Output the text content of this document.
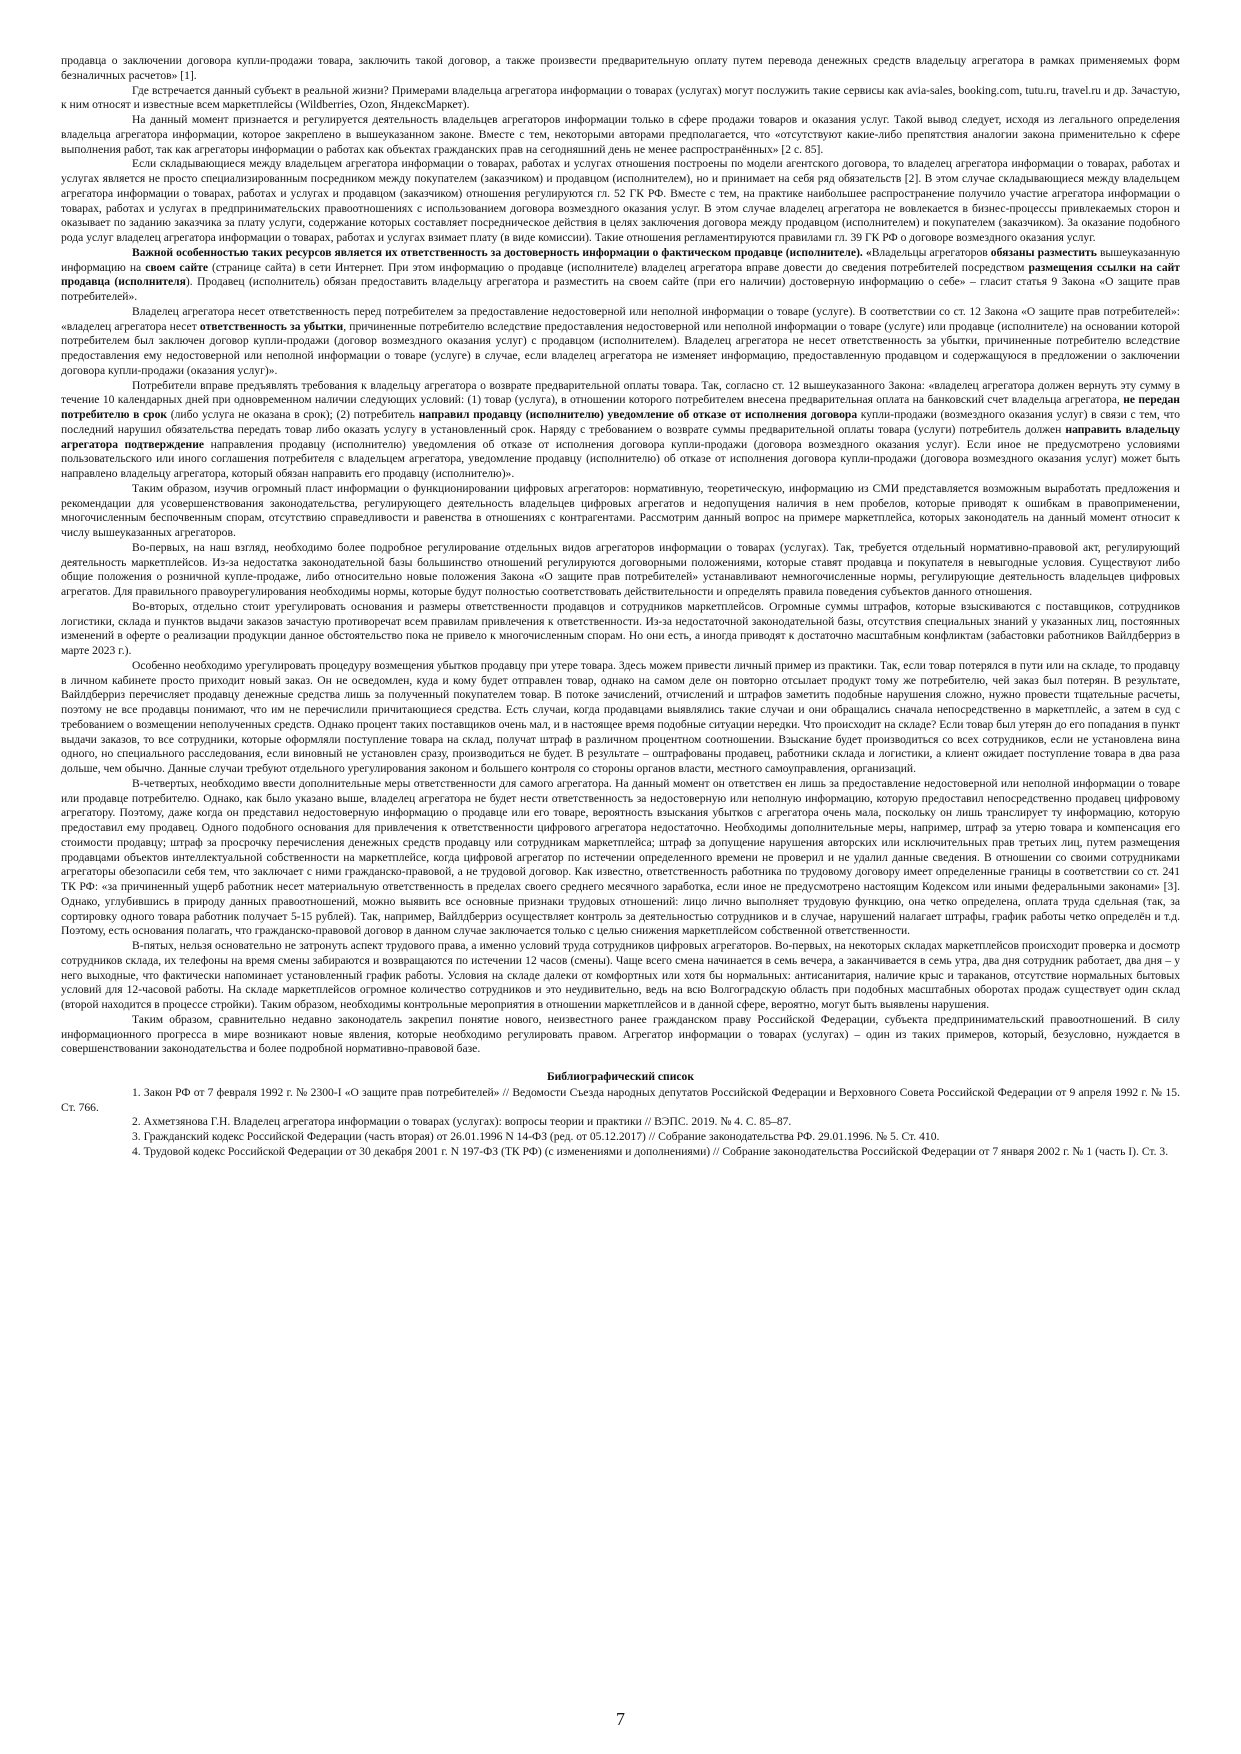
продавца о заключении договора купли-продажи товара, заключить такой договор, а также произвести предварительную оплату путем перевода денежных средств владельцу агрегатора в рамках применяемых форм безналичных расчетов» [1].

Где встречается данный субъект в реальной жизни? Примерами владельца агрегатора информации о товарах (услугах) могут послужить такие сервисы как avia-sales, booking.com, tutu.ru, travel.ru и др. Зачастую, к ним относят и известные всем маркетплейсы (Wildberries, Ozon, ЯндексМаркет).

На данный момент признается и регулируется деятельность владельцев агрегаторов информации только в сфере продажи товаров и оказания услуг. Такой вывод следует, исходя из легального определения владельца агрегатора информации, которое закреплено в вышеуказанном законе. Вместе с тем, некоторыми авторами предполагается, что «отсутствуют какие-либо препятствия аналогии закона применительно к сфере выполнения работ, так как агрегаторы информации о работах как объектах гражданских прав на сегодняшний день не менее распространённых» [2 с. 85].

Если складывающиеся между владельцем агрегатора информации о товарах, работах и услугах отношения построены по модели агентского договора, то владелец агрегатора информации о товарах, работах и услугах является не просто специализированным посредником между покупателем (заказчиком) и продавцом (исполнителем), но и принимает на себя ряд обязательств [2]. В этом случае складывающиеся между владельцем агрегатора информации о товарах, работах и услугах и продавцом (заказчиком) отношения регулируются гл. 52 ГК РФ. Вместе с тем, на практике наибольшее распространение получило участие агрегатора информации о товарах, работах и услугах в предпринимательских правоотношениях с использованием договора возмездного оказания услуг. В этом случае владелец агрегатора не вовлекается в бизнес-процессы привлекаемых сторон и оказывает по заданию заказчика за плату услуги, содержание которых составляет посредническое действия в целях заключения договора между продавцом (исполнителем) и покупателем (заказчиком). За оказание подобного рода услуг владелец агрегатора информации о товарах, работах и услугах взимает плату (в виде комиссии). Такие отношения регламентируются правилами гл. 39 ГК РФ о договоре возмездного оказания услуг.

Важной особенностью таких ресурсов является их ответственность за достоверность информации о фактическом продавце (исполнителе). «Владельцы агрегаторов обязаны разместить вышеуказанную информацию на своем сайте (странице сайта) в сети Интернет. При этом информацию о продавце (исполнителе) владелец агрегатора вправе довести до сведения потребителей посредством размещения ссылки на сайт продавца (исполнителя). Продавец (исполнитель) обязан предоставить владельцу агрегатора и разместить на своем сайте (при его наличии) достоверную информацию о себе» – гласит статья 9 Закона «О защите прав потребителей».

Владелец агрегатора несет ответственность перед потребителем за предоставление недостоверной или неполной информации о товаре (услуге). В соответствии со ст. 12 Закона «О защите прав потребителей»: «владелец агрегатора несет ответственность за убытки, причиненные потребителю вследствие предоставления недостоверной или неполной информации о товаре (услуге) или продавце (исполнителе) на основании которой потребителем был заключен договор купли-продажи (договор возмездного оказания услуг) с продавцом (исполнителем). Владелец агрегатора не несет ответственность за убытки, причиненные потребителю вследствие предоставления ему недостоверной или неполной информации о товаре (услуге) в случае, если владелец агрегатора не изменяет информацию, предоставленную продавцом и содержащуюся в предложении о заключении договора купли-продажи (оказания услуг)».

Потребители вправе предъявлять требования к владельцу агрегатора о возврате предварительной оплаты товара. Так, согласно ст. 12 вышеуказанного Закона: «владелец агрегатора должен вернуть эту сумму в течение 10 календарных дней при одновременном наличии следующих условий: (1) товар (услуга), в отношении которого потребителем внесена предварительная оплата на банковский счет владельца агрегатора, не передан потребителю в срок (либо услуга не оказана в срок); (2) потребитель направил продавцу (исполнителю) уведомление об отказе от исполнения договора купли-продажи (возмездного оказания услуг) в связи с тем, что последний нарушил обязательства передать товар либо оказать услугу в установленный срок. Наряду с требованием о возврате суммы предварительной оплаты товара (услуги) потребитель должен направить владельцу агрегатора подтверждение направления продавцу (исполнителю) уведомления об отказе от исполнения договора купли-продажи (договора возмездного оказания услуг). Если иное не предусмотрено условиями пользовательского или иного соглашения потребителя с владельцем агрегатора, уведомление продавцу (исполнителю) об отказе от исполнения договора купли-продажи (договора возмездного оказания услуг) может быть направлено владельцу агрегатора, который обязан направить его продавцу (исполнителю)».

Таким образом, изучив огромный пласт информации о функционировании цифровых агрегаторов: нормативную, теоретическую, информацию из СМИ представляется возможным выработать предложения и рекомендации для усовершенствования законодательства, регулирующего деятельность владельцев цифровых агрегатов и недопущения наличия в нем пробелов, которые приводят к ошибкам в правоприменении, многочисленным беспочвенным спорам, отсутствию справедливости и равенства в отношениях с контрагентами. Рассмотрим данный вопрос на примере маркетплейса, которых законодатель на данный момент относит к числу вышеуказанных агрегаторов.

Во-первых, на наш взгляд, необходимо более подробное регулирование отдельных видов агрегаторов информации о товарах (услугах). Так, требуется отдельный нормативно-правовой акт, регулирующий деятельность маркетплейсов. Из-за недостатка законодательной базы большинство отношений регулируются договорными положениями, которые ставят продавца и покупателя в невыгодные условия. Существуют либо общие положения о розничной купле-продаже, либо относительно новые положения Закона «О защите прав потребителей» устанавливают немногочисленные нормы, регулирующие деятельность владельцев цифровых агрегатов. Для правильного правоурегулирования необходимы нормы, которые будут полностью соответствовать действительности и определять правила поведения субъектов данного отношения.

Во-вторых, отдельно стоит урегулировать основания и размеры ответственности продавцов и сотрудников маркетплейсов. Огромные суммы штрафов, которые взыскиваются с поставщиков, сотрудников логистики, склада и пунктов выдачи заказов зачастую противоречат всем правилам привлечения к ответственности. Из-за недостаточной законодательной базы, отсутствия специальных знаний у указанных лиц, постоянных изменений в оферте о реализации продукции данное обстоятельство пока не привело к многочисленным спорам. Но они есть, а иногда приводят к достаточно масштабным конфликтам (забастовки работников Вайлдберриз в марте 2023 г.).

Особенно необходимо урегулировать процедуру возмещения убытков продавцу при утере товара. Здесь можем привести личный пример из практики. Так, если товар потерялся в пути или на складе, то продавцу в личном кабинете просто приходит новый заказ. Он не осведомлен, куда и кому будет отправлен товар, однако на самом деле он повторно отсылает продукт тому же потребителю, чей заказ был потерян. В результате, Вайлдберриз перечисляет продавцу денежные средства лишь за полученный покупателем товар. В потоке зачислений, отчислений и штрафов заметить подобные нарушения сложно, нужно провести тщательные расчеты, поэтому не все продавцы понимают, что им не перечислили причитающиеся средства. Есть случаи, когда продавцами выявлялись такие случаи и они обращались сначала непосредственно в маркетплейс, а затем в суд с требованием о возмещении неполученных средств. Однако процент таких поставщиков очень мал, и в настоящее время подобные ситуации нередки. Что происходит на складе? Если товар был утерян до его попадания в пункт выдачи заказов, то все сотрудники, которые оформляли поступление товара на склад, получат штраф в различном процентном соотношении. Взыскание будет производиться со всех сотрудников, если не установлена вина одного, но специального расследования, если виновный не установлен сразу, производиться не будет. В результате – оштрафованы продавец, работники склада и логистики, а клиент ожидает поступление товара в два раза дольше, чем обычно. Данные случаи требуют отдельного урегулирования законом и большего контроля со стороны органов власти, местного самоуправления, организаций.

В-четвертых, необходимо ввести дополнительные меры ответственности для самого агрегатора. На данный момент он ответствен ен лишь за предоставление недостоверной или неполной информации о товаре или продавце потребителю. Однако, как было указано выше, владелец агрегатора не будет нести ответственность за недостоверную или неполную информацию, которую предоставил непосредственно продавец цифровому агрегатору. Поэтому, даже когда он представил недостоверную информацию о продавце или его товаре, вероятность взыскания убытков с агрегатора очень мала, поскольку он лишь транслирует ту информацию, которую предоставил ему продавец. Одного подобного основания для привлечения к ответственности цифрового агрегатора недостаточно. Необходимы дополнительные меры, например, штраф за утерю товара и компенсация его стоимости продавцу; штраф за просрочку перечисления денежных средств продавцу или сотрудникам маркетплейса; штраф за допущение нарушения авторских или исключительных прав третьих лиц, путем размещения продавцами объектов интеллектуальной собственности на маркетплейсе, когда цифровой агрегатор по истечении определенного времени не проверил и не удалил данные сведения. В отношении со своими сотрудниками агрегаторы обезопасили себя тем, что заключает с ними гражданско-правовой, а не трудовой договор. Как известно, ответственность работника по трудовому договору имеет определенные границы в соответствии со ст. 241 ТК РФ: «за причиненный ущерб работник несет материальную ответственность в пределах своего среднего месячного заработка, если иное не предусмотрено настоящим Кодексом или иными федеральными законами» [3]. Однако, углубившись в природу данных правоотношений, можно выявить все основные признаки трудовых отношений: лицо лично выполняет трудовую функцию, она четко определена, оплата труда сдельная (так, за сортировку одного товара работник получает 5-15 рублей). Так, например, Вайлдберриз осуществляет контроль за деятельностью сотрудников и в случае, нарушений налагает штрафы, график работы четко определён и т.д. Поэтому, есть основания полагать, что гражданско-правовой договор в данном случае заключается только с целью снижения маркетплейсом собственной ответственности.

В-пятых, нельзя основательно не затронуть аспект трудового права, а именно условий труда сотрудников цифровых агрегаторов. Во-первых, на некоторых складах маркетплейсов происходит проверка и досмотр сотрудников склада, их телефоны на время смены забираются и возвращаются по истечении 12 часов (смены). Чаще всего смена начинается в семь вечера, а заканчивается в семь утра, два дня сотрудник работает, два дня – у него выходные, что фактически напоминает установленный график работы. Условия на складе далеки от комфортных или хотя бы нормальных: антисанитария, наличие крыс и тараканов, отсутствие нормальных бытовых условий для 12-часовой работы. На складе маркетплейсов огромное количество сотрудников и это неудивительно, ведь на всю Волгоградскую область при подобных масштабных оборотах продаж существует один склад (второй находится в процессе стройки). Таким образом, необходимы контрольные мероприятия в отношении маркетплейсов и в данной сфере, вероятно, могут быть выявлены нарушения.

Таким образом, сравнительно недавно законодатель закрепил понятие нового, неизвестного ранее гражданском праву Российской Федерации, субъекта предпринимательский правоотношений. В силу информационного прогресса в мире возникают новые явления, которые необходимо регулировать правом. Агрегатор информации о товарах (услугах) – один из таких примеров, который, безусловно, нуждается в совершенствовании законодательства и более подробной нормативно-правовой базе.

Библиографический список

1. Закон РФ от 7 февраля 1992 г. № 2300-I «О защите прав потребителей» // Ведомости Съезда народных депутатов Российской Федерации и Верховного Совета Российской Федерации от 9 апреля 1992 г. № 15. Ст. 766.

2. Ахметзянова Г.Н. Владелец агрегатора информации о товарах (услугах): вопросы теории и практики // ВЭПС. 2019. № 4. С. 85–87.

3. Гражданский кодекс Российской Федерации (часть вторая) от 26.01.1996 N 14-ФЗ (ред. от 05.12.2017) // Собрание законодательства РФ. 29.01.1996. № 5. Ст. 410.

4. Трудовой кодекс Российской Федерации от 30 декабря 2001 г. N 197-ФЗ (ТК РФ) (с изменениями и дополнениями) // Собрание законодательства Российской Федерации от 7 января 2002 г. № 1 (часть I). Ст. 3.

7
